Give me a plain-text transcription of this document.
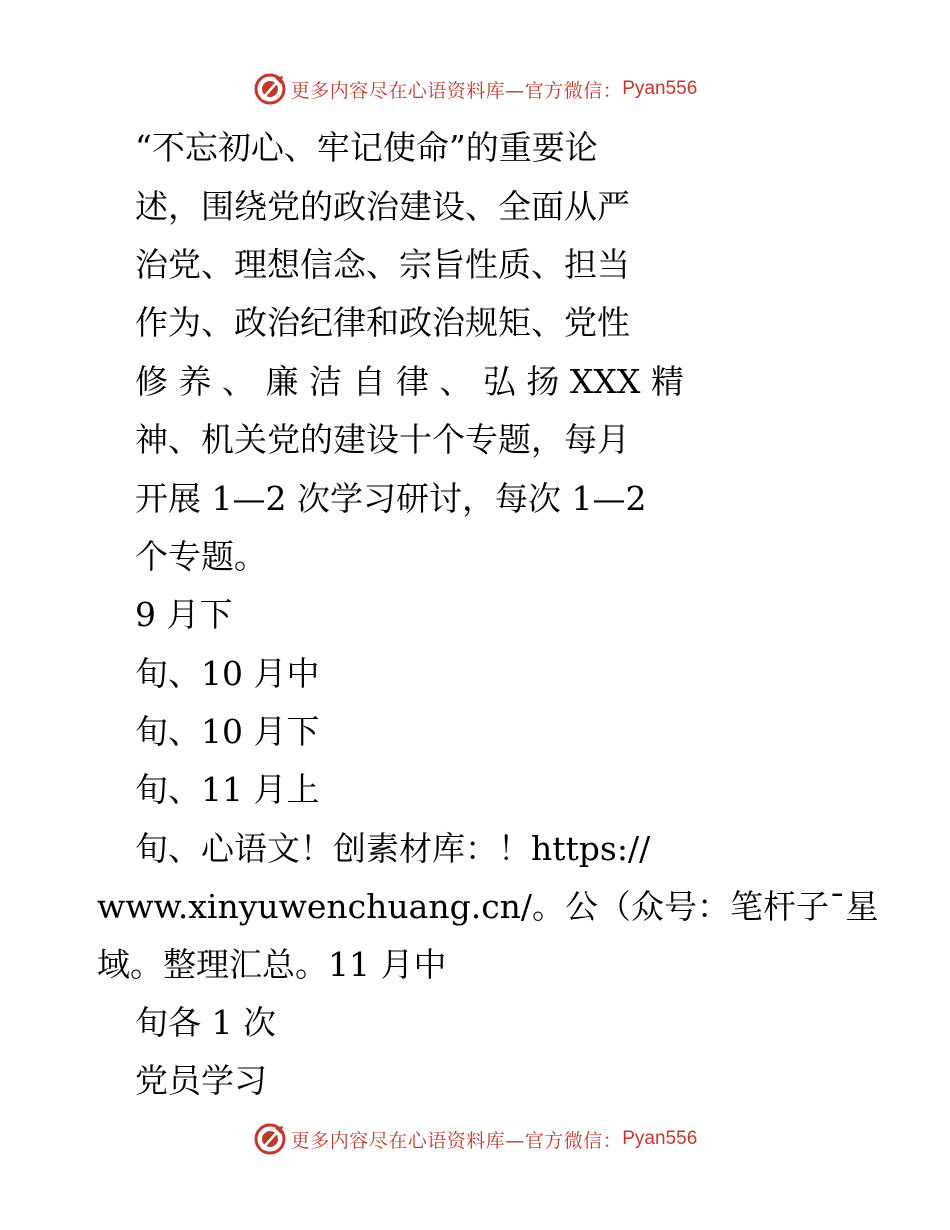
更多内容尽在心语资料库—官方微信： Pyan556
“不忘初心、牢记使命”的重要论
述，围绕党的政治建设、全面从严
治党、理想信念、宗旨性质、担当
作为、政治纪律和政治规矩、党性
修 养 、 廉 洁 自 律 、 弘 扬 XXX 精
神、机关党的建设十个专题，每月
开展 1—2 次学习研讨，每次 1—2
个专题。
9 月下
旬、10 月中
旬、10 月下
旬、11 月上
旬、心语文！创素材库：！https://
www.xinyuwenchuang.cn/。公（众号：笔杆子¯星
域。整理汇总。11 月中
旬各 1 次
党员学习
更多内容尽在心语资料库—官方微信： Pyan556
